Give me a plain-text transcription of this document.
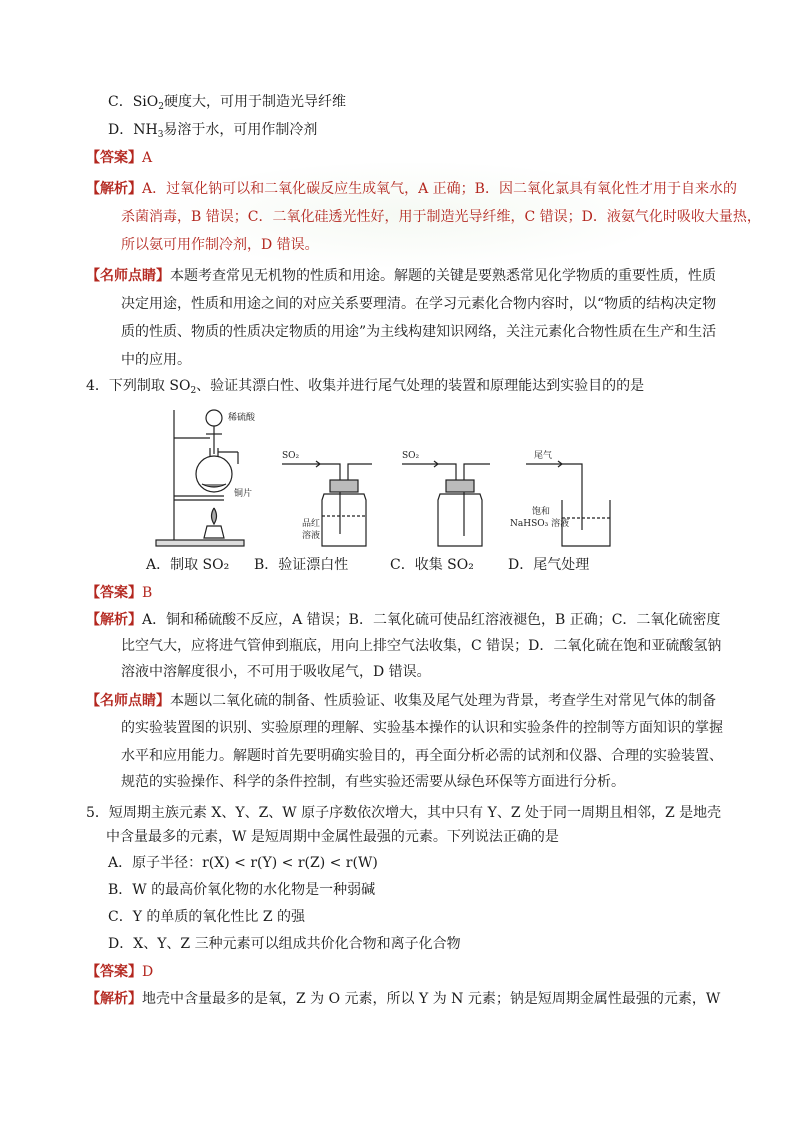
C．SiO$_2$硬度大，可用于制造光导纤维
D．$NH_3$易溶于水，可用作制冷剂
【答案】A
【解析】A．过氧化钠可以和二氧化碳反应生成氧气，A 正确；B．因二氧化氯具有氧化性才用于自来水的
杀菌消毒，B 错误；C．二氧化硅透光性好，用于制造光导纤维，C 错误；D．液氨气化时吸收大量热，
所以氨可用作制冷剂，D 错误。
【名师点睛】本题考查常见无机物的性质和用途。解题的关键是要熟悉常见化学物质的重要性质，性质
决定用途，性质和用途之间的对应关系要理清。在学习元素化合物内容时，以“物质的结构决定物
质的性质、物质的性质决定物质的用途”为主线构建知识网络，关注元素化合物性质在生产和生活
中的应用。
4．下列制取 $SO_2$、验证其漂白性、收集并进行尾气处理的装置和原理能达到实验目的的是
稀硫酸
铜片
SO₂
品红
溶液
SO₂	尾气
饱和
NaHSO₃ 溶液
A．制取 SO₂ B．验证漂白性	C．收集 SO₂ D．尾气处理
【答案】B
【解析】A．铜和稀硫酸不反应，A 错误；B．二氧化硫可使品红溶液褪色，B 正确；C．二氧化硫密度
比空气大，应将进气管伸到瓶底，用向上排空气法收集，C 错误；D．二氧化硫在饱和亚硫酸氢钠
溶液中溶解度很小，不可用于吸收尾气，D 错误。
【名师点睛】本题以二氧化硫的制备、性质验证、收集及尾气处理为背景，考查学生对常见气体的制备
的实验装置图的识别、实验原理的理解、实验基本操作的认识和实验条件的控制等方面知识的掌握
水平和应用能力。解题时首先要明确实验目的，再全面分析必需的试剂和仪器、合理的实验装置、
规范的实验操作、科学的条件控制，有些实验还需要从绿色环保等方面进行分析。
5．短周期主族元素 X、Y、Z、W 原子序数依次增大，其中只有 Y、Z 处于同一周期且相邻，Z 是地壳
中含量最多的元素，W 是短周期中金属性最强的元素。下列说法正确的是
A．原子半径：r(X) < r(Y) < r(Z) < r(W)
B．W 的最高价氧化物的水化物是一种弱碱
C．Y 的单质的氧化性比 Z 的强
D．X、Y、Z 三种元素可以组成共价化合物和离子化合物
【答案】D
【解析】地壳中含量最多的是氧，Z 为 O 元素，所以 Y 为 N 元素；钠是短周期金属性最强的元素，W
